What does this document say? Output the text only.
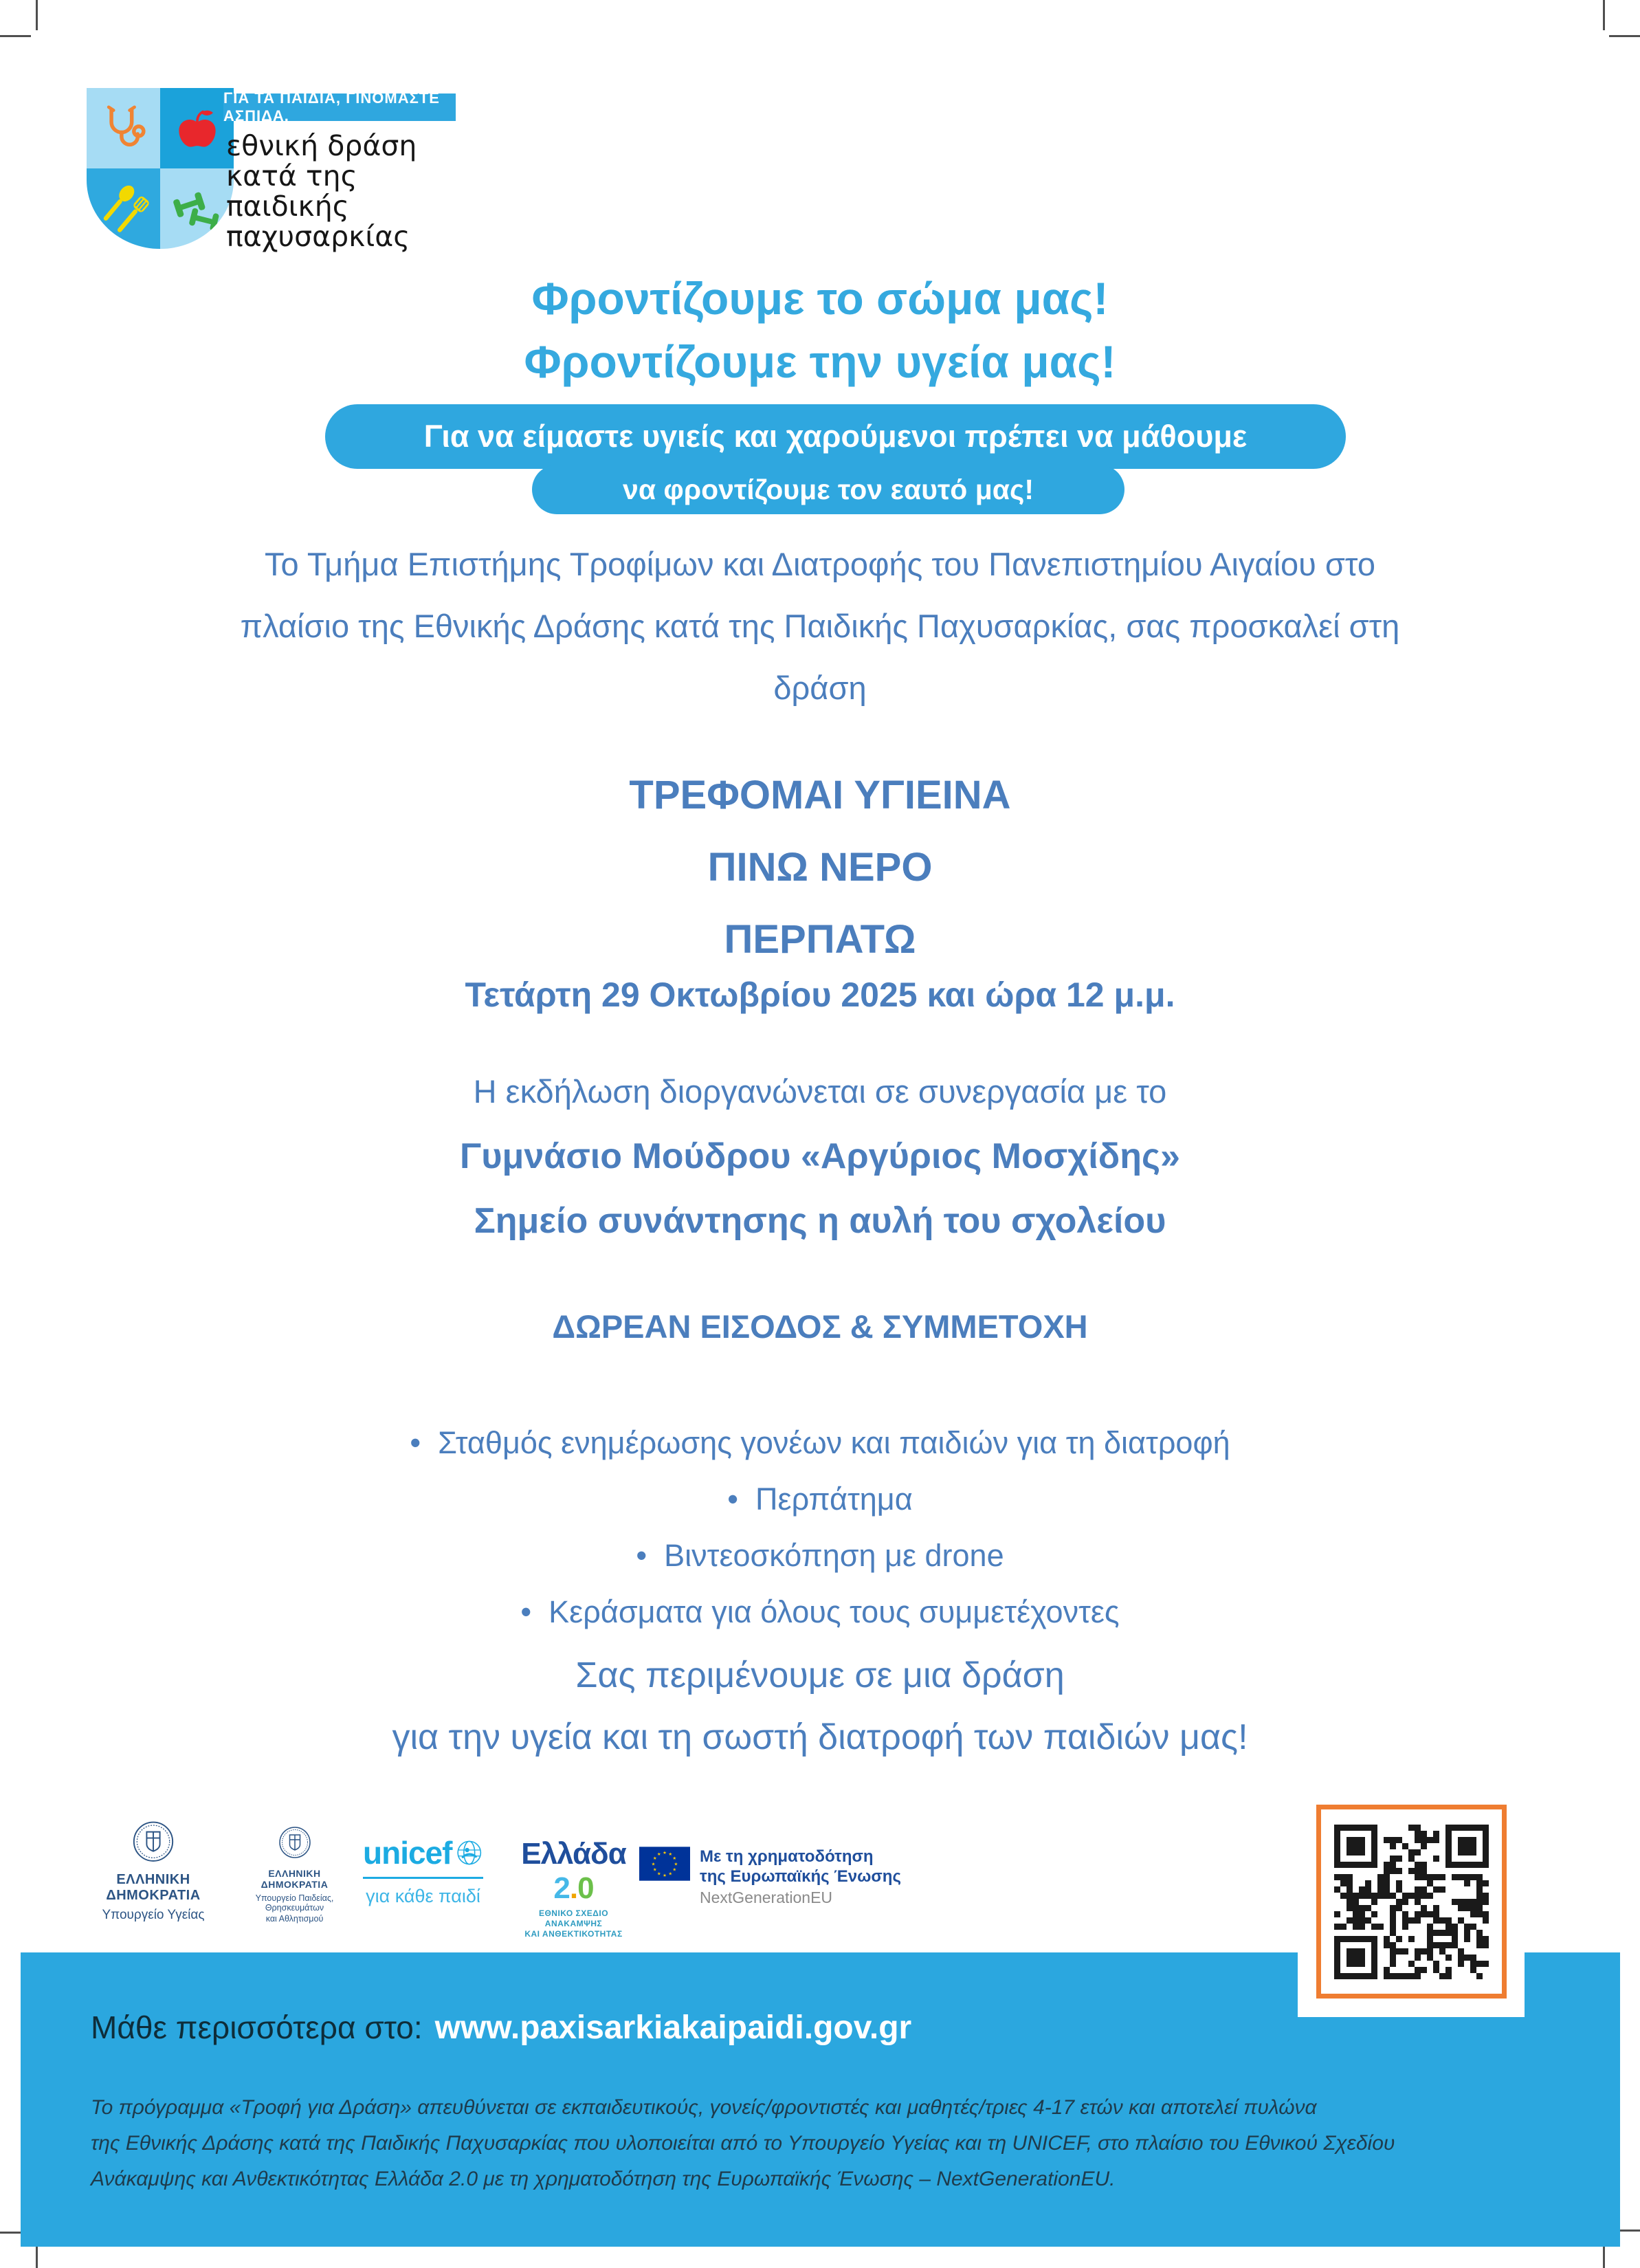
ΓΙΑ ΤΑ ΠΑΙΔΙΑ, ΓΙΝΟΜΑΣΤΕ ΑΣΠΙΔΑ.
εθνική δράση
κατά της
παιδικής
παχυσαρκίας
Φροντίζουμε το σώμα μας!
Φροντίζουμε την υγεία μας!
Για να είμαστε υγιείς και χαρούμενοι πρέπει να μάθουμε
να φροντίζουμε τον εαυτό μας!
Το Τμήμα Επιστήμης Τροφίμων και Διατροφής του Πανεπιστημίου Αιγαίου στο
πλαίσιο της Εθνικής Δράσης κατά της Παιδικής Παχυσαρκίας, σας προσκαλεί στη
δράση
ΤΡΕΦΟΜΑΙ ΥΓΙΕΙΝΑ
ΠΙΝΩ ΝΕΡΟ
ΠΕΡΠΑΤΩ
Τετάρτη 29 Οκτωβρίου 2025 και ώρα 12 μ.μ.
Η εκδήλωση διοργανώνεται σε συνεργασία με το
Γυμνάσιο Μούδρου «Αργύριος Μοσχίδης»
Σημείο συνάντησης η αυλή του σχολείου
ΔΩΡΕΑΝ ΕΙΣΟΔΟΣ & ΣΥΜΜΕΤΟΧΗ
•  Σταθμός ενημέρωσης γονέων και παιδιών για τη διατροφή
•  Περπάτημα
•  Βιντεοσκόπηση με drone
•  Κεράσματα για όλους τους συμμετέχοντες
Σας περιμένουμε σε μια δράση
για την υγεία και τη σωστή διατροφή των παιδιών μας!
ΕΛΛΗΝΙΚΗ ΔΗΜΟΚΡΑΤΙΑ
Υπουργείο Υγείας
ΕΛΛΗΝΙΚΗ ΔΗΜΟΚΡΑΤΙΑ
Υπουργείο Παιδείας, Θρησκευμάτων
και Αθλητισμού
unicef
για κάθε παιδί
Ελλάδα 2.0
ΕΘΝΙΚΟ ΣΧΕΔΙΟ ΑΝΑΚΑΜΨΗΣ
ΚΑΙ ΑΝΘΕΚΤΙΚΟΤΗΤΑΣ
★ ★
★
★
★
★
★
★
★
★
★
★ Με τη χρηματοδότηση
της Ευρωπαϊκής Ένωσης
NextGenerationEU
Μάθε περισσότερα στο: www.paxisarkiakaipaidi.gov.gr
Το πρόγραμμα «Τροφή για Δράση» απευθύνεται σε εκπαιδευτικούς, γονείς/φροντιστές και μαθητές/τριες 4-17 ετών και αποτελεί πυλώνα
της Εθνικής Δράσης κατά της Παιδικής Παχυσαρκίας που υλοποιείται από το Υπουργείο Υγείας και τη UNICEF, στο πλαίσιο του Εθνικού Σχεδίου
Ανάκαμψης και Ανθεκτικότητας Ελλάδα 2.0 με τη χρηματοδότηση της Ευρωπαϊκής Ένωσης – NextGenerationEU.
